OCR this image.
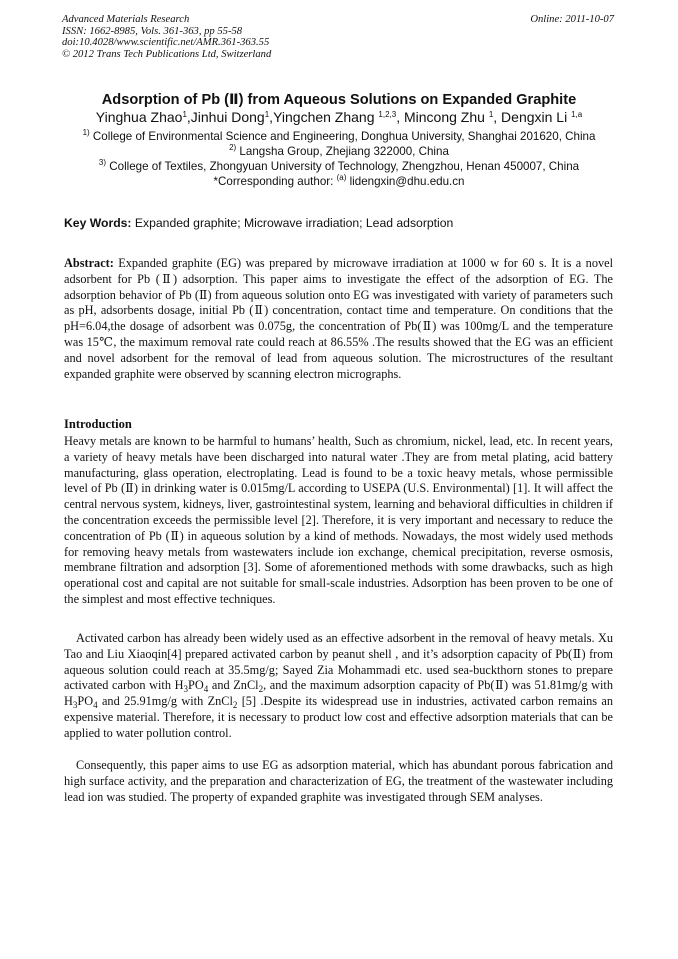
Advanced Materials Research
ISSN: 1662-8985, Vols. 361-363, pp 55-58
doi:10.4028/www.scientific.net/AMR.361-363.55
© 2012 Trans Tech Publications Ltd, Switzerland
Online: 2011-10-07
Adsorption of Pb (Ⅱ) from Aqueous Solutions on Expanded Graphite
Yinghua Zhao$^1$,Jinhui Dong$^1$,Yingchen Zhang $^{1,2,3}$, Mincong Zhu $^1$, Dengxin Li $^{1,a}$
$^{1)}$ College of Environmental Science and Engineering, Donghua University, Shanghai 201620, China
$^{2)}$ Langsha Group, Zhejiang 322000, China
$^{3)}$ College of Textiles, Zhongyuan University of Technology, Zhengzhou, Henan 450007, China
*Corresponding author: $^{(a)}$ lidengxin@dhu.edu.cn
Key Words: Expanded graphite; Microwave irradiation; Lead adsorption
Abstract: Expanded graphite (EG) was prepared by microwave irradiation at 1000 w for 60 s. It is a novel adsorbent for Pb (Ⅱ) adsorption. This paper aims to investigate the effect of the adsorption of EG. The adsorption behavior of Pb (Ⅱ) from aqueous solution onto EG was investigated with variety of parameters such as pH, adsorbents dosage, initial Pb (Ⅱ) concentration, contact time and temperature. On conditions that the pH=6.04,the dosage of adsorbent was 0.075g, the concentration of Pb(Ⅱ) was 100mg/L and the temperature was 15℃, the maximum removal rate could reach at 86.55% .The results showed that the EG was an efficient and novel adsorbent for the removal of lead from aqueous solution. The microstructures of the resultant expanded graphite were observed by scanning electron micrographs.
Introduction

Heavy metals are known to be harmful to humans’ health, Such as chromium, nickel, lead, etc. In recent years, a variety of heavy metals have been discharged into natural water .They are from metal plating, acid battery manufacturing, glass operation, electroplating. Lead is found to be a toxic heavy metals, whose permissible level of Pb (Ⅱ) in drinking water is 0.015mg/L according to USEPA (U.S. Environmental) [1]. It will affect the central nervous system, kidneys, liver, gastrointestinal system, learning and behavioral difficulties in children if the concentration exceeds the permissible level [2]. Therefore, it is very important and necessary to reduce the concentration of Pb (Ⅱ) in aqueous solution by a kind of methods. Nowadays, the most widely used methods for removing heavy metals from wastewaters include ion exchange, chemical precipitation, reverse osmosis, membrane filtration and adsorption [3]. Some of aforementioned methods with some drawbacks, such as high operational cost and capital are not suitable for small-scale industries. Adsorption has been proven to be one of the simplest and most effective techniques.

Activated carbon has already been widely used as an effective adsorbent in the removal of heavy metals. Xu Tao and Liu Xiaoqin[4] prepared activated carbon by peanut shell , and it’s adsorption capacity of Pb(Ⅱ) from aqueous solution could reach at 35.5mg/g; Sayed Zia Mohammadi etc. used sea-buckthorn stones to prepare activated carbon with $H_3PO_4$ and ZnCl$_2$, and the maximum adsorption capacity of Pb(Ⅱ) was 51.81mg/g with $H_3PO_4$ and 25.91mg/g with ZnCl$_2$ [5] .Despite its widespread use in industries, activated carbon remains an expensive material. Therefore, it is necessary to product low cost and effective adsorption materials that can be applied to water pollution control.

Consequently, this paper aims to use EG as adsorption material, which has abundant porous fabrication and high surface activity, and the preparation and characterization of EG, the treatment of the wastewater including lead ion was studied. The property of expanded graphite was investigated through SEM analyses.
